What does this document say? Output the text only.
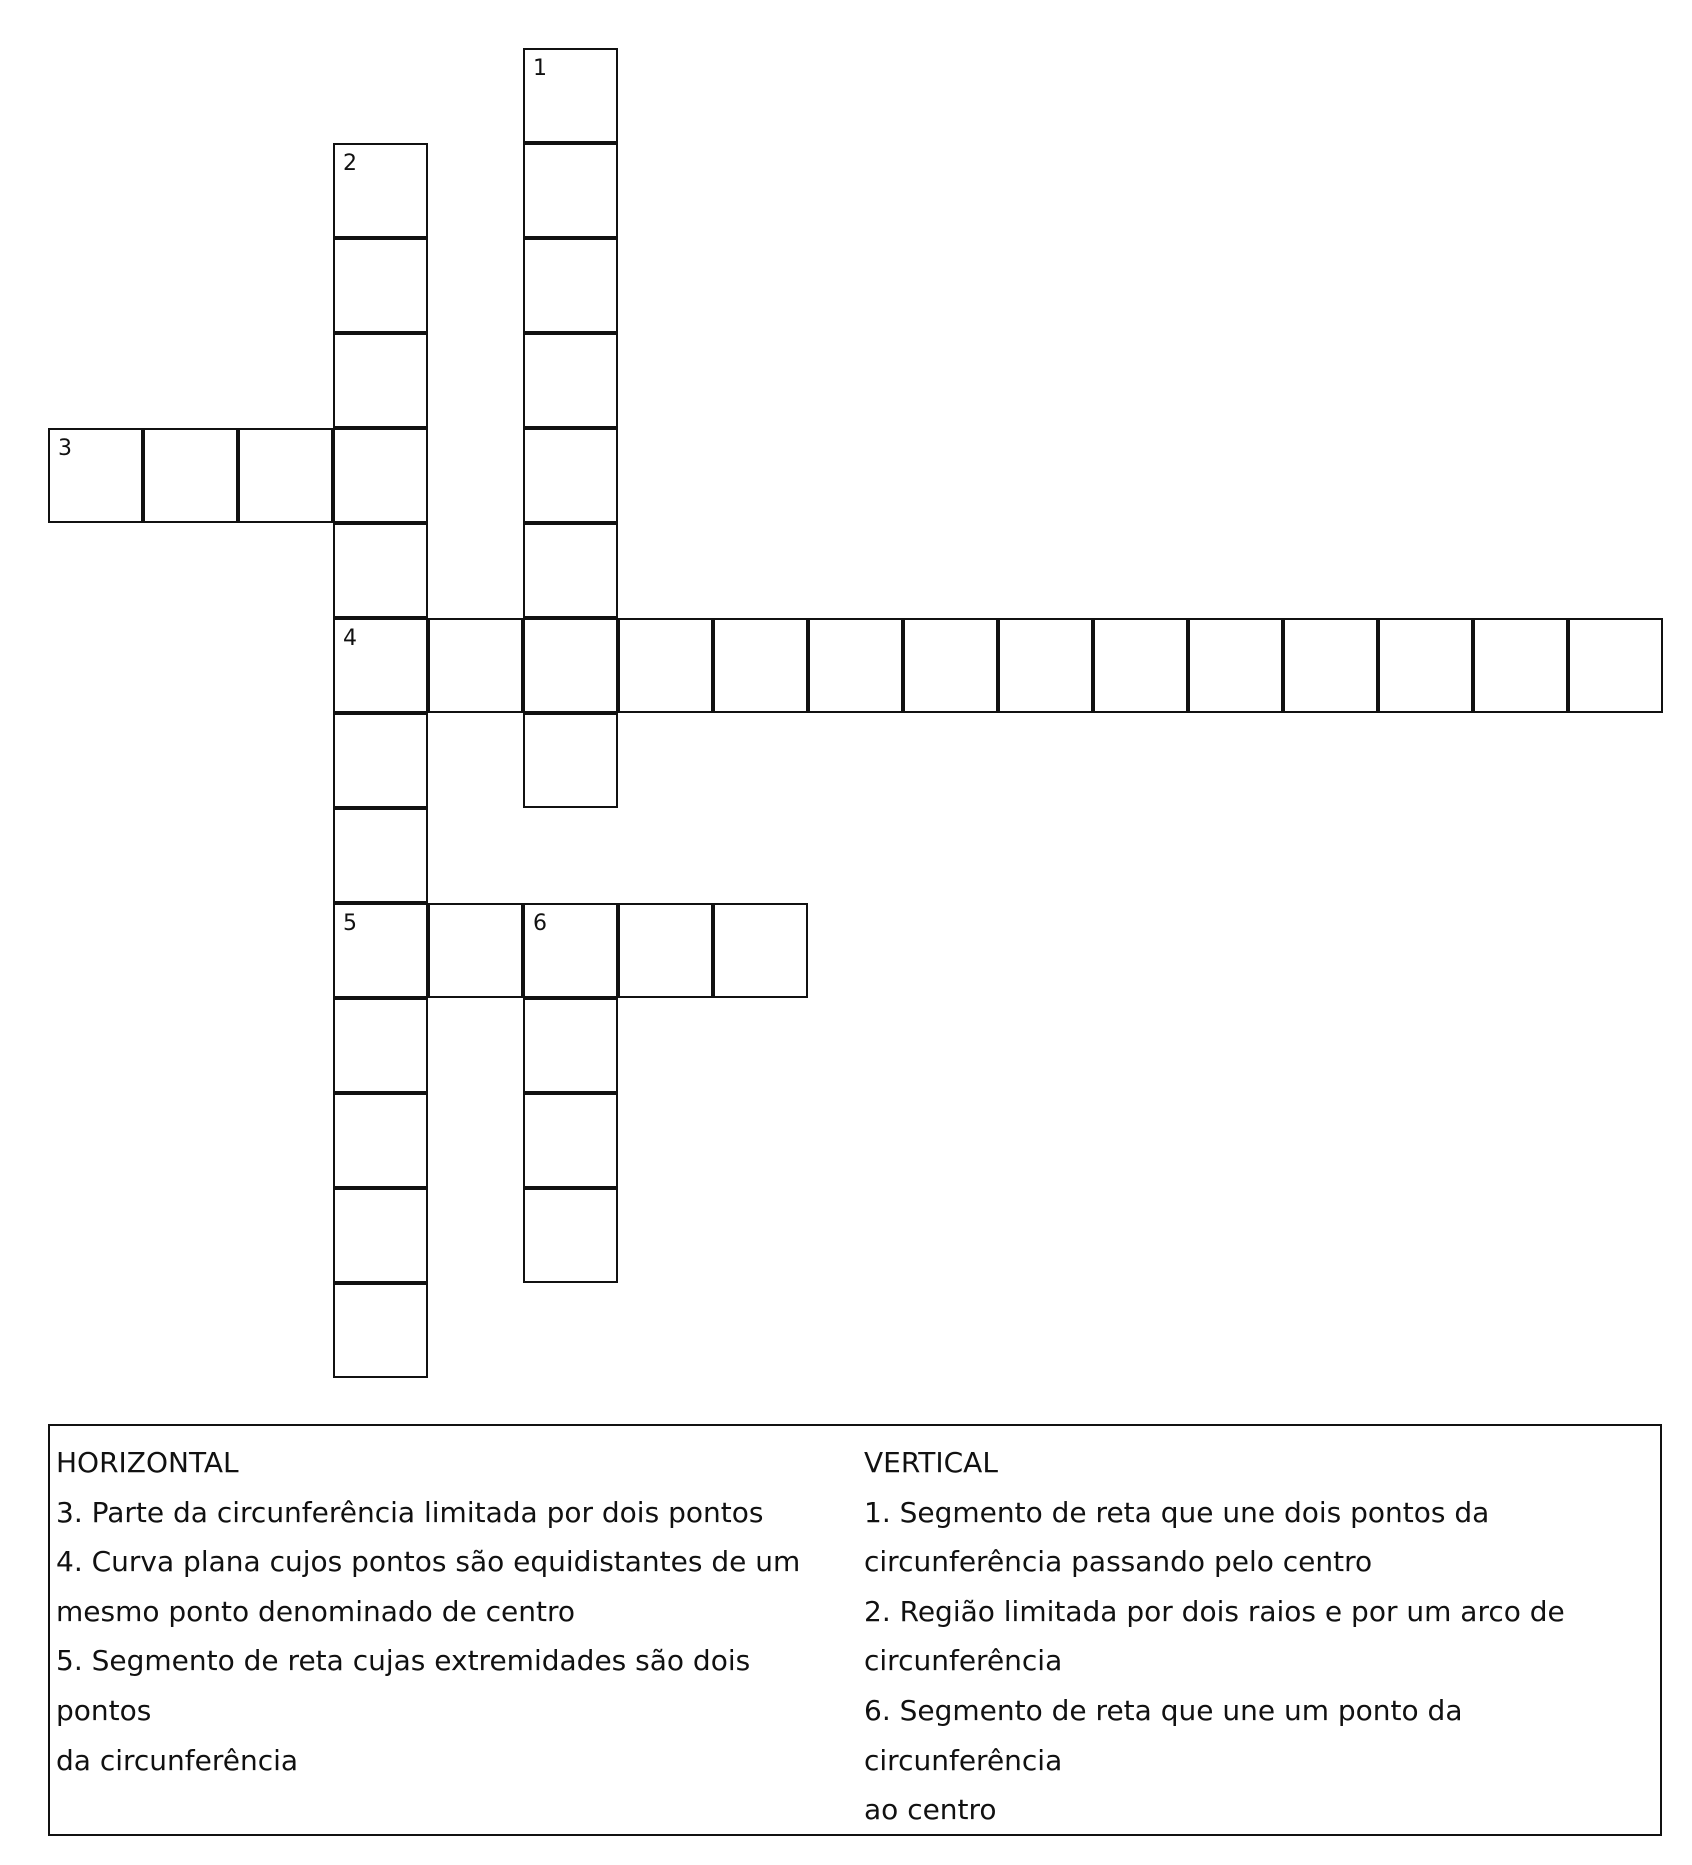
1
2
3
4
5	6
HORIZONTAL
3. Parte da circunferência limitada por dois pontos
4. Curva plana cujos pontos são equidistantes de um
mesmo ponto denominado de centro
5. Segmento de reta cujas extremidades são dois pontos
da circunferência
VERTICAL
1. Segmento de reta que une dois pontos da
circunferência passando pelo centro
2. Região limitada por dois raios e por um arco de
circunferência
6. Segmento de reta que une um ponto da circunferência
ao centro
